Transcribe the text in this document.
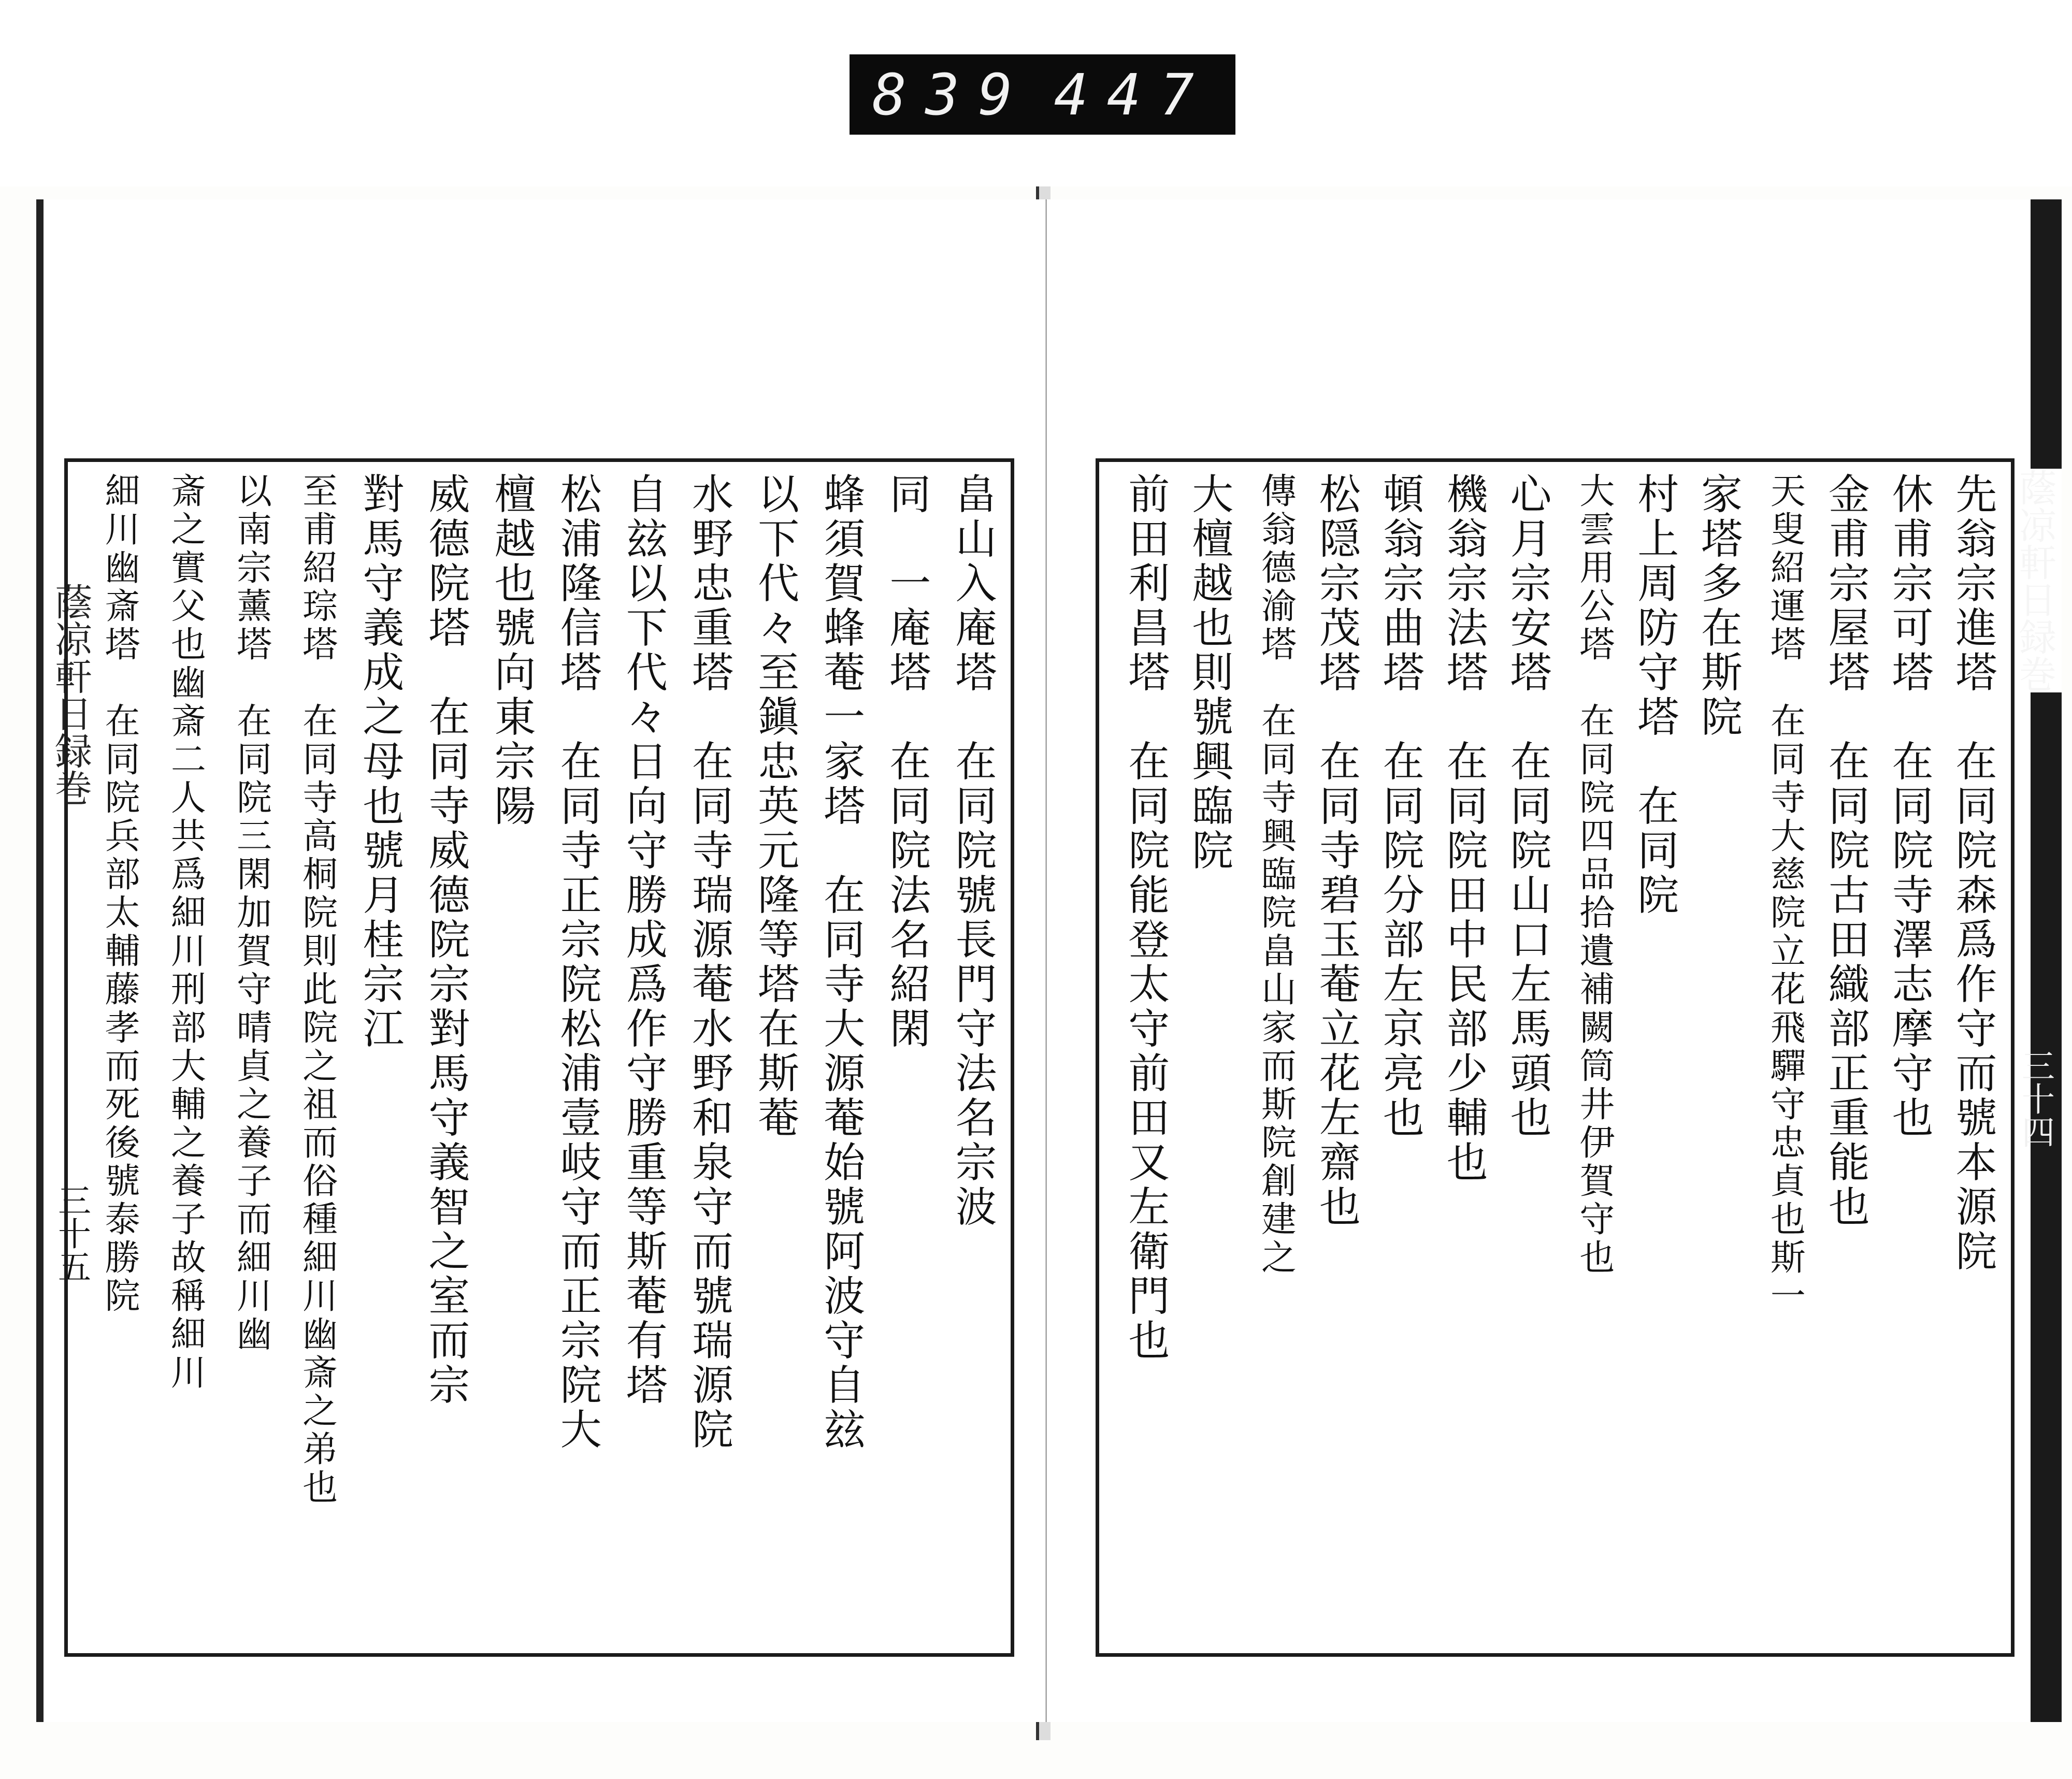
839 447
蔭凉軒日録巻
三十五
畠山入庵塔　在同院號長門守法名宗波
同　一庵塔　在同院法名紹閑
蜂須賀蜂菴一家塔　在同寺大源菴始號阿波守自玆
以下代々至鎭忠英元隆等塔在斯菴
水野忠重塔　在同寺瑞源菴水野和泉守而號瑞源院
自玆以下代々日向守勝成爲作守勝重等斯菴有塔
松浦隆信塔　在同寺正宗院松浦壹岐守而正宗院大
檀越也號向東宗陽
威德院塔　在同寺威德院宗對馬守義智之室而宗
對馬守義成之母也號月桂宗江
至甫紹琮塔　在同寺高桐院則此院之祖而俗種細川幽斎之弟也
以南宗薰塔　在同院三閑加賀守晴貞之養子而細川幽
斎之實父也幽斎二人共爲細川刑部大輔之養子故稱細川
細川幽斎塔　在同院兵部太輔藤孝而死後號泰勝院	蔭凉軒日録巻
三十四
先翁宗進塔　在同院森爲作守而號本源院
休甫宗可塔　在同院寺澤志摩守也
金甫宗屋塔　在同院古田織部正重能也
天叟紹運塔　在同寺大慈院立花飛驒守忠貞也斯一
家塔多在斯院
村上周防守塔　在同院
大雲用公塔　在同院四品拾遺補闕筒井伊賀守也
心月宗安塔　在同院山口左馬頭也
機翁宗法塔　在同院田中民部少輔也
頓翁宗曲塔　在同院分部左京亮也
松隠宗茂塔　在同寺碧玉菴立花左齋也
傳翁德渝塔　在同寺興臨院畠山家而斯院創建之
大檀越也則號興臨院
前田利昌塔　在同院能登太守前田又左衛門也
